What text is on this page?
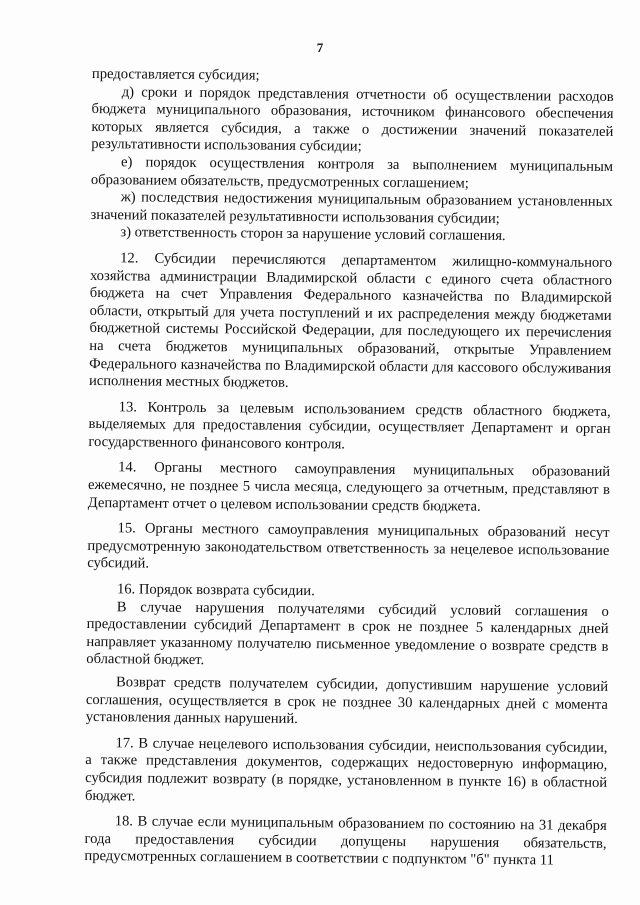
7

предоставляется субсидия;

д) сроки и порядок представления отчетности об осуществлении расходов бюджета муниципального образования, источником финансового обеспечения которых является субсидия, а также о достижении значений показателей результативности использования субсидии;

е) порядок осуществления контроля за выполнением муниципальным образованием обязательств, предусмотренных соглашением;

ж) последствия недостижения муниципальным образованием установленных значений показателей результативности использования субсидии;

з) ответственность сторон за нарушение условий соглашения.

12. Субсидии перечисляются департаментом жилищно-коммунального хозяйства администрации Владимирской области с единого счета областного бюджета на счет Управления Федерального казначейства по Владимирской области, открытый для учета поступлений и их распределения между бюджетами бюджетной системы Российской Федерации, для последующего их перечисления на счета бюджетов муниципальных образований, открытые Управлением Федерального казначейства по Владимирской области для кассового обслуживания исполнения местных бюджетов.

13. Контроль за целевым использованием средств областного бюджета, выделяемых для предоставления субсидии, осуществляет Департамент и орган государственного финансового контроля.

14. Органы местного самоуправления муниципальных образований ежемесячно, не позднее 5 числа месяца, следующего за отчетным, представляют в Департамент отчет о целевом использовании средств бюджета.

15. Органы местного самоуправления муниципальных образований несут предусмотренную законодательством ответственность за нецелевое использование субсидий.

16. Порядок возврата субсидии.

В случае нарушения получателями субсидий условий соглашения о предоставлении субсидий Департамент в срок не позднее 5 календарных дней направляет указанному получателю письменное уведомление о возврате средств в областной бюджет.

Возврат средств получателем субсидии, допустившим нарушение условий соглашения, осуществляется в срок не позднее 30 календарных дней с момента установления данных нарушений.

17. В случае нецелевого использования субсидии, неиспользования субсидии, а также представления документов, содержащих недостоверную информацию, субсидия подлежит возврату (в порядке, установленном в пункте 16) в областной бюджет.

18. В случае если муниципальным образованием по состоянию на 31 декабря года предоставления субсидии допущены нарушения обязательств, предусмотренных соглашением в соответствии с подпунктом "б" пункта 11
